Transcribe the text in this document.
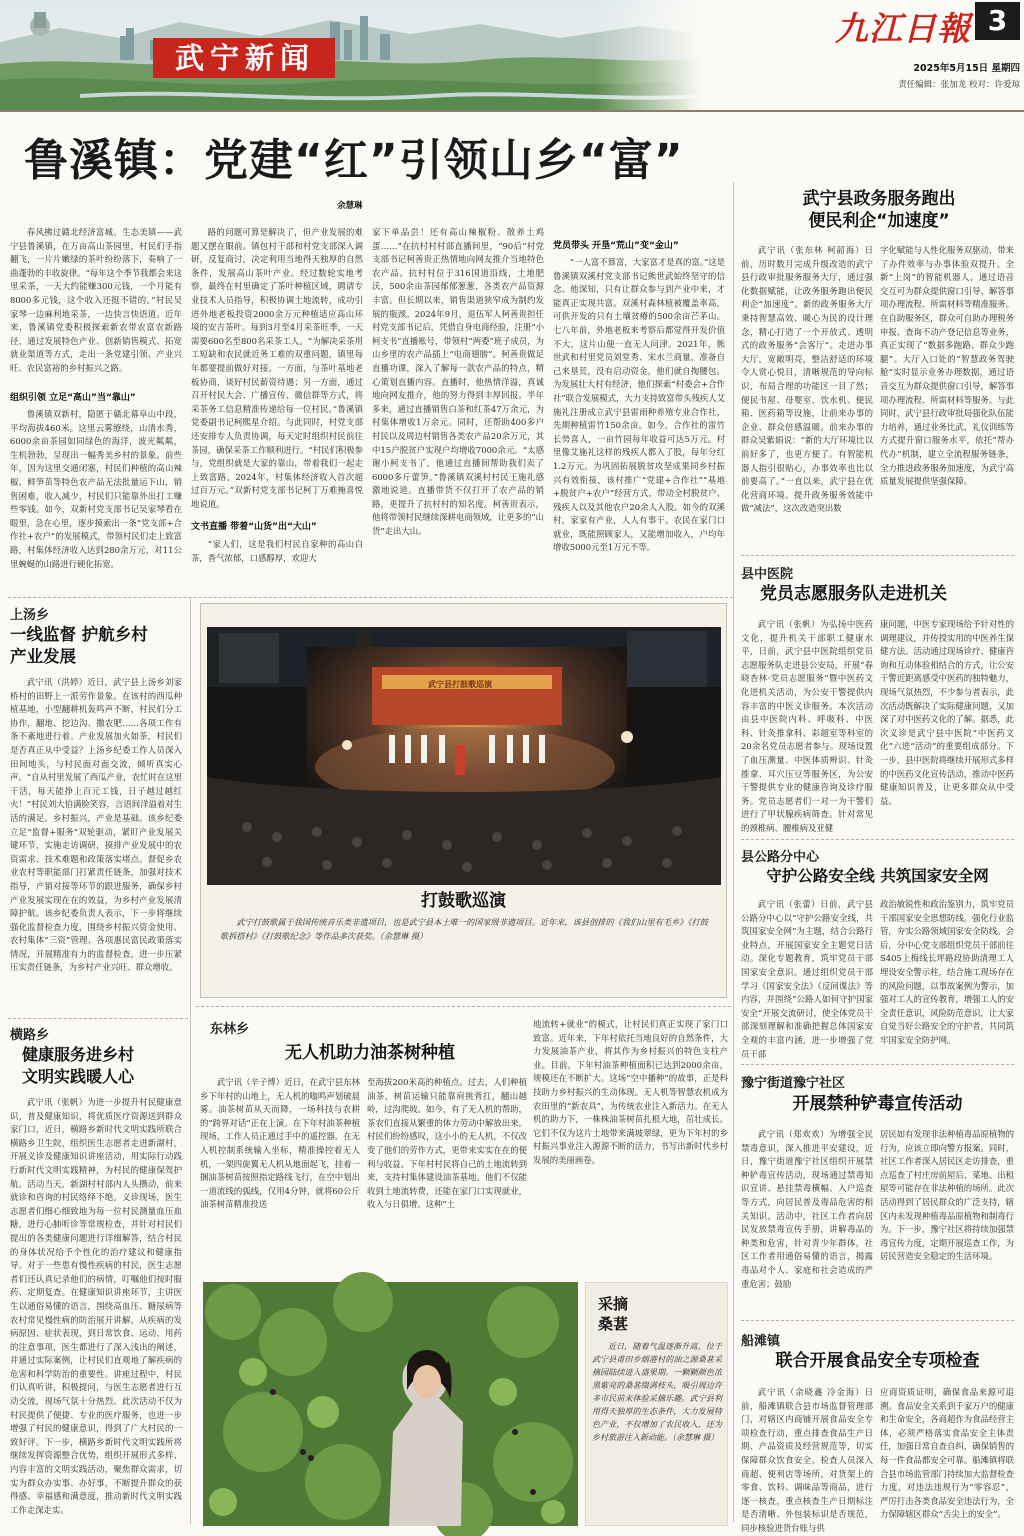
武宁新闻
九江日報 3
2025年5月15日 星期四
责任编辑：张加龙 校对：许爱琼
鲁溪镇：党建“红”引领山乡“富”
余慧琳

春风拂过赣北经济富城、生态美镇——武宁县鲁溪镇，在万亩高山茶园里，村民们手指翻飞，一片片嫩绿的茶叶纷纷落下，奏响了一曲蓬勃的丰收旋律。“每年这个季节我都会来这里采茶，一天大约能赚300元钱，一个月能有8000多元钱，这个收入还挺不错的。”村民吴家琴一边麻利地采茶，一边快言快语道。近年来，鲁溪镇党委积极探索新农带农富农新路径，通过发展特色产业、创新销售模式、拓宽就业渠道等方式，走出一条党建引领、产业兴旺、农民富裕的乡村振兴之路。

组织引领 立足“高山”当“靠山”

鲁溪镇双新村，隐匿于赣北幕阜山中段，平均海拔460米。这里云雾缭绕，山清水秀，6000余亩茶园如同绿色的海洋，波光粼粼，生机勃勃，呈现出一幅秀美乡村的景象。前些年，因为这里交通闭塞，村民们种植的高山辣椒、鲜笋苗等特色农产品无法批量运下山，销售困难，收入减少，村民们只能靠外出打工赚些零钱。如今，双新村党支部书记吴家琴看在眼里，急在心里，逐步摸索出一条“党支部+合作社+农户”的发展模式，带领村民们走上致富路，村集体经济收入达到280余万元，对11公里蜿蜒的山路进行硬化拓宽。

路的问题可算是解决了，但产业发展的难题又摆在眼前。镇包村干部和村党支部深入调研，反复商讨，决定利用当地得天独厚的自然条件，发展高山茶叶产业。经过数轮实地考察，最终在村里确定了茶叶种植区域，聘请专业技术人员指导，积极协调土地流转，成功引进外地老板投资2000余万元种植适应高山环境的安吉茶叶。每到3月至4月采茶旺季，一天需要600名至800名采茶工人。“为解决采茶用工短缺和农民就近务工难的双重问题，镇里每年都要提前做好对接。一方面，与茶叶基地老板协商，谈好村民薪资待遇；另一方面，通过召开村民大会、广播宣传、微信群等方式，将采茶务工信息精准传递给每一位村民。”鲁溪镇党委副书记柯熙星介绍。与此同时，村党支部还安排专人负责协调，每天定时组织村民前往茶园，确保采茶工作顺利进行。“村民们积极参与，党组织就是大家的靠山，带着我们一起走上致富路。2024年，村集体经济收入首次超过百万元。”双新村党支部书记柯丁万难掩喜悦地说道。

文书直播 带着“山货”出“大山”

“家人们，这是我们村民自家种的高山白茶，香气浓郁，口感醇厚，欢迎大

家下单品尝！还有高山辣椒粉、散养土鸡蛋……”在抗村村村部直播间里，“90后”村党支部书记柯善贵正热情地向网友推介当地特色农产品。抗村村位于316国道沿线，土地肥沃，500余亩茶园郁郁葱葱，各类农产品资源丰富。但长期以来，销售渠道狭窄成为制约发展的瓶颈。2024年9月，退伍军人柯善贵担任村党支部书记后，凭借自身电商经验，注册“小柯支书”直播账号，带领村“两委”班子成员，为山乡里的农产品插上“电商翅膀”。柯善贵做足直播功课，深入了解每一款农产品的特点，精心策划直播内容。直播时，他热情洋溢，真诚地向网友推介，他的努力得到丰厚回报。半年多来，通过直播销售白茶和红茶47万余元，为村集体增收1万余元。同时，还帮助400多户村民以及周边村销售各类农产品20余万元，其中15户脱贫户实现户均增收7000余元。“太感谢小柯支书了，他通过直播间帮助我们卖了6000多斤蕾笋。”鲁溪镇双溪村村民王施礼感激地说道。直播带货不仅打开了农产品的销路，更提升了抗村村的知名度。柯善贵表示，他将带领村民继续深耕电商领域，让更多的“山货”走出大山。

党员带头 开垦“荒山”变“金山”

“一人富不算富，大家富才是真的富。”这是鲁溪镇双溪村党支部书记熊世武始终坚守的信念。他深知，只有让群众参与到产业中来，才能真正实现共富。双溪村森林植被覆盖率高，可供开发的只有土壤贫瘠的500余亩芒茅山。七八年前，外地老板来考察后都觉得开发价值不大，这片山便一直无人问津。2021年，熊世武和村里党员刘堂秀、宋水兰商量，准备自己来垦荒，没有启动资金，他们就自掏腰包。为发展壮大村有经济，他们探索“村委会+合作社”联合发展模式，大力支持致富带头残疾人艾施礼注册成立武宁县雷雨种养殖专业合作社，先期种植雷竹150余亩。如今，合作社的雷竹长势喜人，一亩竹园每年收益可达5万元。村里像艾施礼这样的残疾人都入了股，每年分红1.2万元。为巩固拓展脱贫攻坚成果同乡村振兴有效衔接，该村推广“党建+合作社”“基地+脱贫户+农户”经营方式，带动全村脱贫户、残疾人以及其他农户20余人入股。如今的双溪村，家家有产业，人人有事干。农民在家门口就业，既能照顾家人，又能增加收入，户均年增收5000元至1万元不等。

武宁县政务服务跑出
便民利企“加速度”

武宁讯（张东林 柯韶海）日前，历时数月完成升级改造的武宁县行政审批服务服务大厅，通过强化数据赋能，让政务服务跑出便民利企“加速度”。新的政务服务大厅秉持智慧高效、暖心为民的设计理念，精心打造了一个开放式、透明式的政务服务“会客厅”。走进办事大厅，宽敞明亮，整洁舒适的环境令人赏心悦目，清晰规范的导向标识，布局合理的功能区一目了然；便民书屋、母婴室、饮水机、便民箱、医药箱等设施，让前来办事的企业、群众倍感温暖。前来办事的群众吴紫娟说：“新的大厅环境比以前好多了，也更方便了。有智能机器人指引很贴心，办事效率也比以前要高了。”一直以来，武宁县在优化营商环境、提升政务服务效能中做“减法”，这次改造突出数

字化赋能与人性化服务双驱动，带来了办件效率与办事体验双提升。全新“上岗”的智能机器人，通过语音交互可为群众提供窗口引导、解答事项办理流程、所需材料等精准服务。在自助服务区，群众可自助办理税务申报、查询不动产登记信息等业务，真正实现了“数据多跑路、群众少跑腿”。大厅入口处的“智慧政务驾驶舱”实时显示业务办理数据，通过语音交互为群众提供窗口引导，解答事项办理流程、所需材料等服务。与此同时，武宁县行政审批局强化队伍能力培养，通过业务比武、礼仪训练等方式提升窗口服务水平，依托“帮办代办”机制，建立全流程服务链条，全力推进政务服务加速度，为武宁高质量发展提供坚强保障。

县中医院
党员志愿服务队走进机关

武宁讯（张帆）为弘扬中医药文化，提升机关干部职工健康水平，日前，武宁县中医院组织党员志愿服务队走进县公安局，开展“春晓杏林·党员志愿服务”暨中医药文化进机关活动，为公安干警提供内容丰富的中医义诊服务。本次活动由县中医院内科、呼吸科、中医科、针灸推拿科、彩超室等科室的20余名党员志愿者参与。现场设置了血压测量、中医体质辨识、针灸推拿、耳穴压豆等服务区，为公安干警提供专业的健康咨询及诊疗服务。党员志愿者们一对一为干警们进行了甲状腺疾病筛查。针对常见的颈椎病、腰椎病及亚健

康问题，中医专家现场给予针对性的调理建议，并传授实用的中医养生保健方法。活动通过现场诊疗、健康咨询和互动体验相结合的方式，让公安干警近距离感受中医药的独特魅力，现场气氛热烈，不少参与者表示，此次活动既解决了实际健康问题，又加深了对中医药文化的了解。据悉，此次义诊是武宁县中医院“中医药文化”六进“活动”的重要组成部分。下一步，县中医院将继续开展形式多样的中医药文化宣传活动，推动中医药健康知识普及，让更多群众从中受益。

县公路分中心
守护公路安全线 共筑国家安全网

武宁讯（张蕾）日前，武宁县公路分中心以“守护公路安全线，共筑国家安全网”为主题，结合公路行业特点，开展国家安全主题党日活动。深化专题教育，筑牢党员干部国家安全意识。通过组织党员干部学习《国家安全法》《反间谍法》等内容，并围绕“公路人如何守护国家安全”开展交流研讨，使全体党员干部深刻理解和准确把握总体国家安全观的丰富内涵，进一步增强了党员干部

政治敏锐性和政治鉴别力，筑牢党员干部国家安全思想防线。强化行业监管，夯实公路领域国家安全防线。会后，分中心党支部组织党员干部前往S405上梅线长坪路段协助清理工人埋设安全警示柱，结合施工现场存在的风险问题，以事故案例为警示，加强对工人的宣传教育，增强工人的安全责任意识，风险防范意识，让大家自觉当好公路安全的守护者，共同筑牢国家安全防护网。

豫宁街道豫宁社区
开展禁种铲毒宣传活动

武宁讯（郑欢欢）为增强全民禁毒意识，深入推进平安建设，近日，豫宁街道豫宁社区组织开展禁种铲毒宣传活动，现场通过禁毒知识宣讲、悬挂禁毒横幅、入户巡查等方式，向居民普及毒品危害的相关知识。活动中，社区工作者向居民发放禁毒宣传手册，讲解毒品的种类和危害，针对青少年群体，社区工作者用通俗易懂的语言，揭露毒品对个人、家庭和社会造成的严重危害；鼓励

居民如有发现非法种植毒品原植物的行为，应该立即向警方报案。同时，社区工作者深入居民区走访排查，重点巡查了村庄房前屋后、菜地、出租屋等可能存在非法种植的场所。此次活动得到了居民群众的广泛支持，辖区内未发现种植毒品原植物和制毒行为。下一步，豫宁社区将持续加强禁毒宣传力度，定期开展巡查工作，为居民营造安全稳定的生活环境。

船滩镇
联合开展食品安全专项检查

武宁讯（余晓鑫 冷金海）日前，船滩镇联合县市场监督管理部门，对辖区内商铺开展食品安全专项检查行动，重点排查食品生产日期、产品资质及经营规范等，切实保障群众饮食安全。检查人员深入商超、便利店等场所，对货架上的零食、饮料、调味品等商品，进行逐一核查，重点核查生产日期标注是否清晰、外包装标识是否规范，同步核验进货台账与供

应商资质证明，确保食品来源可追溯。食品安全关系到千家万户的健康和生命安全，各商超作为食品经营主体，必须严格落实食品安全主体责任，加强日常自查自纠，确保销售的每一件食品都安全可靠。船滩镇将联合县市场监管部门持续加大监督检查力度，对违法违规行为“零容忍”，严厉打击各类食品安全违法行为，全力保障辖区群众“舌尖上的安全”。

上汤乡
一线监督 护航乡村
产业发展

武宁讯（洪婷）近日，武宁县上汤乡刘家桥村的田野上一派劳作景象。在该村的西瓜种植基地，小型翻耕机轰鸣声不断，村民们分工协作，翻地、挖边沟、撒农肥……各项工作有条不紊地进行着。产业发展加火如荼，村民们是否真正从中受益？上汤乡纪委工作人员深入田间地头，与村民面对面交流，倾听真实心声。“自从村里发展了西瓜产业，农忙时在这里干活，每天能挣上百元工钱，日子越过越红火！”村民刘大伯满脸笑容，言语间洋溢着对生活的满足。乡村振兴，产业是基础。该乡纪委立足“监督+服务”双轮驱动，紧盯产业发展关键环节，实施走访调研，摸排产业发展中的农资需求、技术难题和政策落实堵点。督促乡农业农村等职能部门打紧责任链条，加强对技术指导，产销对接等环节的跟进服务，确保乡村产业发展实现在在的效益，为乡村产业发展清障护航。该乡纪委负责人表示，下一步将继续强化监督检查力度，围绕乡村振兴资金使用、农村集体“三资”管理、各项惠民富民政策落实情况，开展精准有力的监督检查，进一步压紧压实责任链条，为乡村产业兴旺、群众增收。

横路乡
健康服务进乡村
文明实践暖人心

武宁讯（张帆）为进一步提升村民健康意识，普及健康知识，将优质医疗资源送到群众家门口，近日，横路乡新时代文明实践所联合横路乡卫生院，组织医生志愿者走进新湖村，开展义诊及健康知识讲座活动，用实际行动践行新时代文明实践精神，为村民的健康保驾护航。活动当天，新湖村村部内人头攒动，前来就诊和咨询的村民络绎不绝。义诊现场，医生志愿者们细心细致地为每一位村民测量血压血糖，进行心肺听诊等常规检查，并针对村民们提出的各类健康问题进行详细解答，结合村民的身体状况给予个性化的治疗建议和健康指导。对于一些患有慢性疾病的村民，医生志愿者们还认真记录他们的病情，叮嘱他们按时服药、定期复查。在健康知识讲座环节，主讲医生以通俗易懂的语言，围绕高血压、糖尿病等农村常见慢性病的防治展开讲解。从疾病的发病原因、症状表现，到日常饮食、运动、用药的注意事项，医生都进行了深入浅出的阐述，并通过实际案例，让村民们直观地了解疾病的危害和科学防治的重要性。讲座过程中，村民们认真听讲，积极提问，与医生志愿者进行互动交流，现场气氛十分热烈。此次活动不仅为村民提供了便捷、专业的医疗服务，也进一步增强了村民的健康意识，得到了广大村民的一致好评。下一步，横路乡新时代文明实践所将继续发挥资源整合优势，组织开展形式多样、内容丰富的文明实践活动，聚焦群众需求，切实为群众办实事、办好事，不断提升群众的获得感、幸福感和满意度，推动新时代文明实践工作走深走实。

武宁县打鼓歌巡演
打鼓歌巡演

武宁打鼓歌属于我国传统音乐类非遗项目，也是武宁县本土唯一的国家级非遗项目。近年来，该县创排的《我们山里有毛乡》《打鼓歌拆搭村》《打鼓歌纪念》等作品多次获奖。（余慧琳 摄）

东林乡
无人机助力油茶树种植

武宁讯（辛子博）近日，在武宁县东林乡下年村的山地上，无人机的嗡鸣声划破晨雾。油茶树苗从天而降，一场科技与农耕的“跨界对话”正在上演。在下年村油茶种植现场，工作人员正通过手中的遥控器，在无人机控制系统输入坐标，精准操控着无人机，一架四旋翼无人机从地面起飞，挂着一捆油茶树苗按照指定路线飞行，在空中划出一道流线的弧线，仅用4分钟，就将60公斤油茶树苗精准投送

至海拔200米高的种植点。过去，人们种植油茶，树苗运输只能靠肩挑背扛，翻山越岭，过沟爬坡。如今，有了无人机的帮助，茶农们直接从繁重的体力劳动中解放出来。村民们纷纷感叹，这小小的无人机，不仅改变了他们的劳作方式，更带来实实在在的便利与收益。下年村村民将自己的土地流转到来，支持村集体建设油茶基地。他们不仅能收到土地流转费，还能在家门口实现就业，收入与日俱增。这种“土

地流转+就业”的模式，让村民们真正实现了家门口致富。近年来，下年村依托当地良好的自然条件，大力发展油茶产业，将其作为乡村振兴的特色支柱产业。目前，下年村油茶种植面积已达到2000余亩，规模还在不断扩大。这场“空中播种”的故事，正是科技助力乡村振兴的生动体现。无人机等智慧农机成为农田里的“新农具”，为传统农业注入新活力。在无人机的助力下，一株株油茶树苗扎根大地，茁壮成长。它们不仅为这片土地带来满坡翠绿，更为下年村的乡村振兴事业注入源源不断的活力，书写出新时代乡村发展的美丽画卷。

采摘
桑葚

近日，随着气温逐渐升高，位于武宁县甫田乡烟港村的油之源桑葚采摘园陆续进入盛果期。一颗颗颜色浓黑紫亮的桑葚缀满枝头，吸引周边许多市民前来体验采摘乐趣。武宁县利用得天独厚的生态条件，大力发展特色产业，不仅增加了农民收入，还为乡村旅游注入新动能。（余慧琳 摄）
